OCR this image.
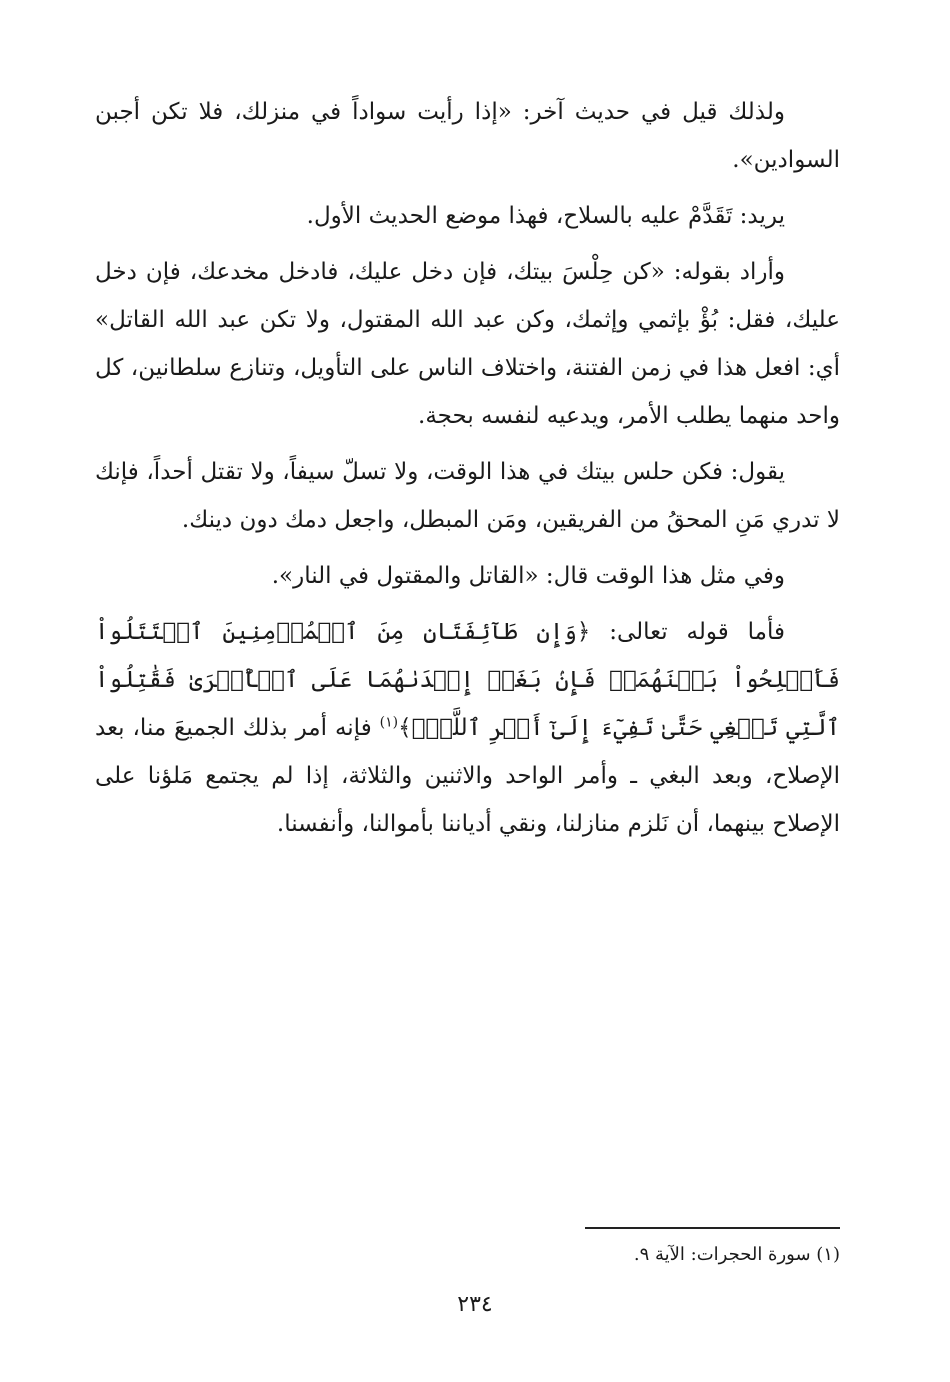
ولذلك قيل في حديث آخر: «إذا رأيت سواداً في منزلك، فلا تكن أجبن السوادين».

يريد: تَقَدَّمْ عليه بالسلاح، فهذا موضع الحديث الأول.

وأراد بقوله: «كن حِلْسَ بيتك، فإن دخل عليك، فادخل مخدعك، فإن دخل عليك، فقل: بُؤْ بإثمي وإثمك، وكن عبد الله المقتول، ولا تكن عبد الله القاتل» أي: افعل هذا في زمن الفتنة، واختلاف الناس على التأويل، وتنازع سلطانين، كل واحد منهما يطلب الأمر، ويدعيه لنفسه بحجة.

يقول: فكن حلس بيتك في هذا الوقت، ولا تسلّ سيفاً، ولا تقتل أحداً، فإنك لا تدري مَنِ المحقُ من الفريقين، ومَن المبطل، واجعل دمك دون دينك.

وفي مثل هذا الوقت قال: «القاتل والمقتول في النار».

فأما قوله تعالى: ﴿وَإِن طَآئِفَتَانِ مِنَ ٱلۡمُؤۡمِنِينَ ٱقۡتَتَلُواْ فَأَصۡلِحُواْ بَيۡنَهُمَاۖ فَإِنۢ بَغَتۡ إِحۡدَىٰهُمَا عَلَى ٱلۡأُخۡرَىٰ فَقَٰتِلُواْ ٱلَّتِي تَبۡغِي حَتَّىٰ تَفِيٓءَ إِلَىٰٓ أَمۡرِ ٱللَّهِۚ﴾$^{(١)}$ فإنه أمر بذلك الجميعَ منا، بعد الإصلاح، وبعد البغي ـ وأمر الواحد والاثنين والثلاثة، إذا لم يجتمع مَلؤنا على الإصلاح بينهما، أن نَلزم منازلنا، ونقي أدياننا بأموالنا، وأنفسنا.

(١) سورة الحجرات: الآية ٩.
٢٣٤
